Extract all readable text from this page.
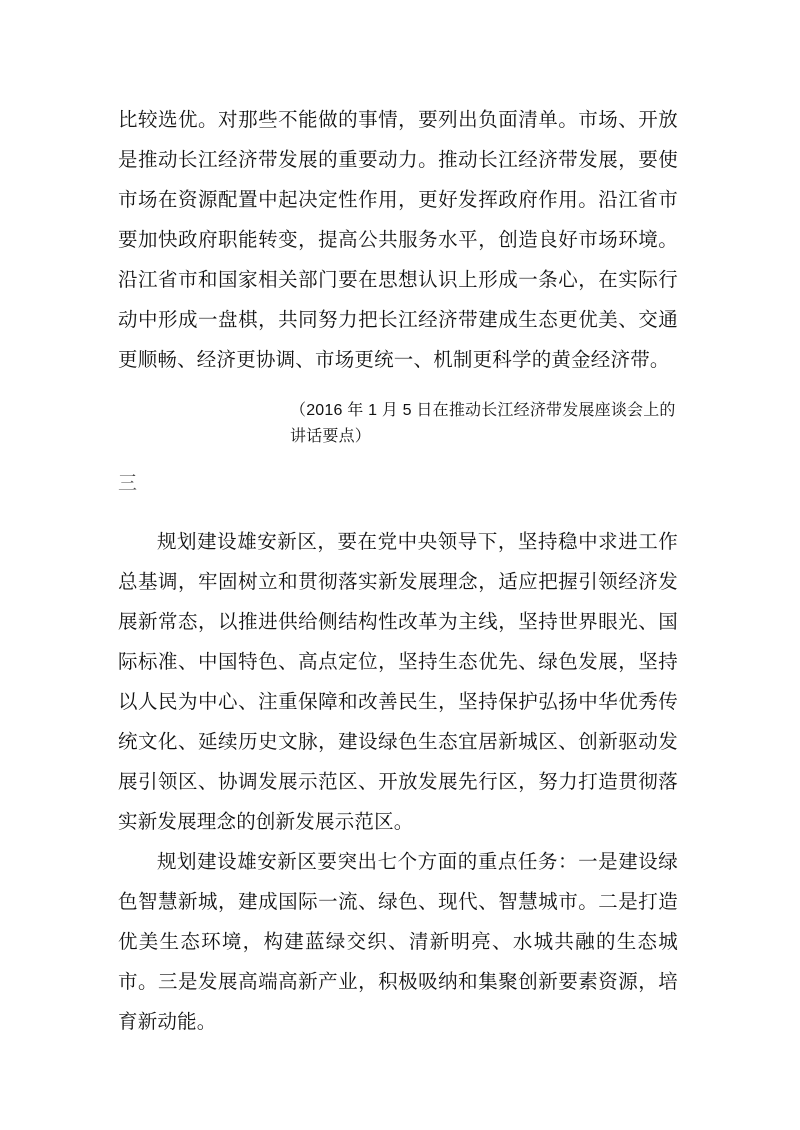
比较选优。对那些不能做的事情，要列出负面清单。市场、开放是推动长江经济带发展的重要动力。推动长江经济带发展，要使市场在资源配置中起决定性作用，更好发挥政府作用。沿江省市要加快政府职能转变，提高公共服务水平，创造良好市场环境。沿江省市和国家相关部门要在思想认识上形成一条心，在实际行动中形成一盘棋，共同努力把长江经济带建成生态更优美、交通更顺畅、经济更协调、市场更统一、机制更科学的黄金经济带。

（2016 年 1 月 5 日在推动长江经济带发展座谈会上的讲话要点）
三

规划建设雄安新区，要在党中央领导下，坚持稳中求进工作总基调，牢固树立和贯彻落实新发展理念，适应把握引领经济发展新常态，以推进供给侧结构性改革为主线，坚持世界眼光、国际标准、中国特色、高点定位，坚持生态优先、绿色发展，坚持以人民为中心、注重保障和改善民生，坚持保护弘扬中华优秀传统文化、延续历史文脉，建设绿色生态宜居新城区、创新驱动发展引领区、协调发展示范区、开放发展先行区，努力打造贯彻落实新发展理念的创新发展示范区。

规划建设雄安新区要突出七个方面的重点任务：一是建设绿色智慧新城，建成国际一流、绿色、现代、智慧城市。二是打造优美生态环境，构建蓝绿交织、清新明亮、水城共融的生态城市。三是发展高端高新产业，积极吸纳和集聚创新要素资源，培育新动能。
